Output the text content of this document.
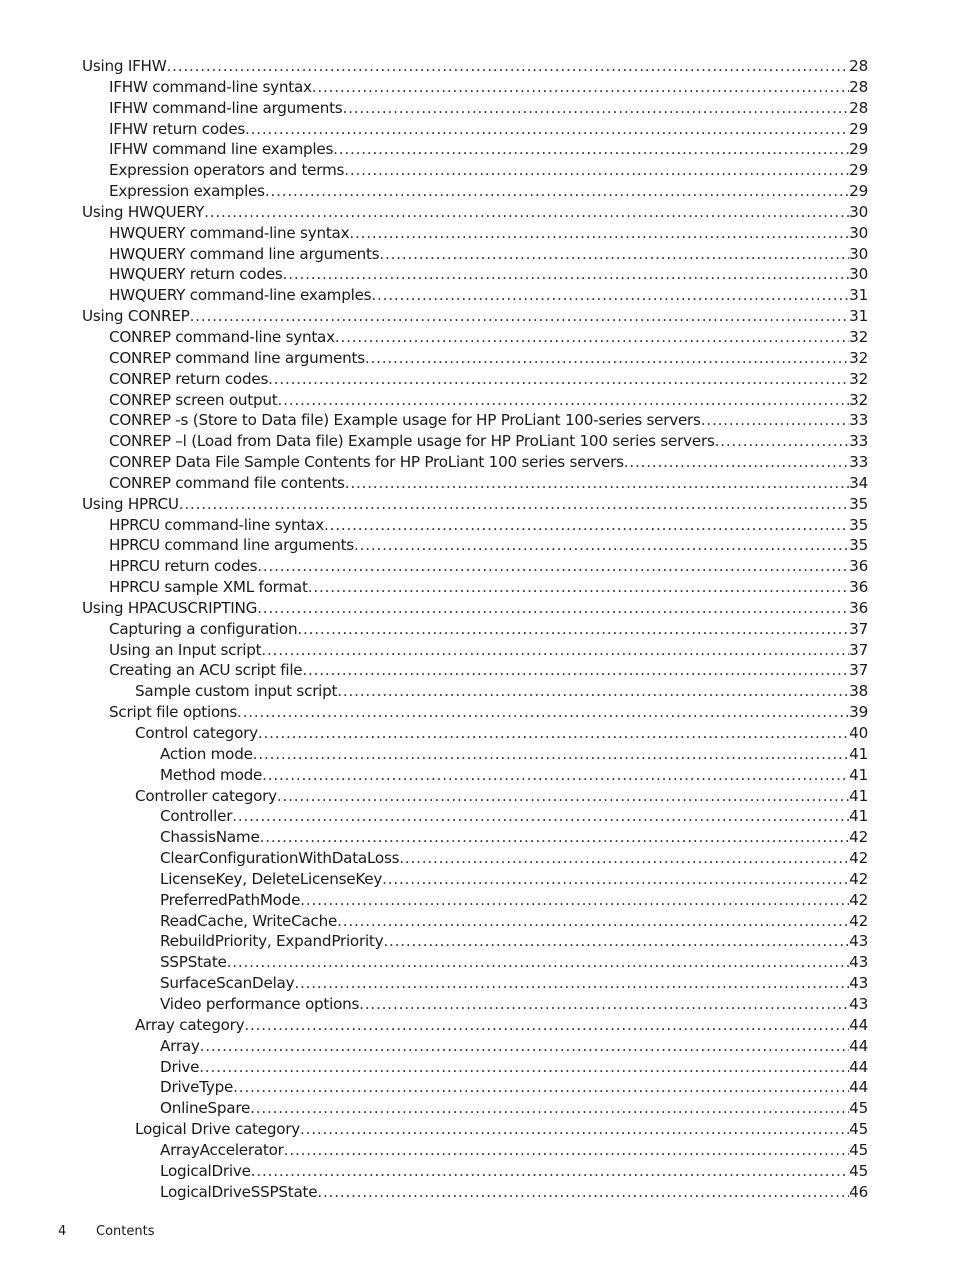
Using IFHW .....	28
IFHW command-line syntax .....	28
IFHW command-line arguments .....	28
IFHW return codes .....	29
IFHW command line examples .....	29
Expression operators and terms .....	29
Expression examples .....	29
Using HWQUERY .....	30
HWQUERY command-line syntax .....	30
HWQUERY command line arguments .....	30
HWQUERY return codes .....	30
HWQUERY command-line examples .....	31
Using CONREP .....	31
CONREP command-line syntax .....	32
CONREP command line arguments .....	32
CONREP return codes .....	32
CONREP screen output .....	32
CONREP -s (Store to Data file) Example usage for HP ProLiant 100-series servers .....	33
CONREP –l (Load from Data file) Example usage for HP ProLiant 100 series servers .....	33
CONREP Data File Sample Contents for HP ProLiant 100 series servers .....	33
CONREP command file contents .....	34
Using HPRCU .....	35
HPRCU command-line syntax .....	35
HPRCU command line arguments .....	35
HPRCU return codes .....	36
HPRCU sample XML format .....	36
Using HPACUSCRIPTING .....	36
Capturing a configuration .....	37
Using an Input script .....	37
Creating an ACU script file .....	37
Sample custom input script .....	38
Script file options .....	39
Control category .....	40
Action mode .....	41
Method mode .....	41
Controller category .....	41
Controller .....	41
ChassisName .....	42
ClearConfigurationWithDataLoss .....	42
LicenseKey, DeleteLicenseKey .....	42
PreferredPathMode .....	42
ReadCache, WriteCache .....	42
RebuildPriority, ExpandPriority .....	43
SSPState .....	43
SurfaceScanDelay .....	43
Video performance options .....	43
Array category .....	44
Array .....	44
Drive .....	44
DriveType .....	44
OnlineSpare .....	45
Logical Drive category .....	45
ArrayAccelerator .....	45
LogicalDrive .....	45
LogicalDriveSSPState .....	46
4 Contents
